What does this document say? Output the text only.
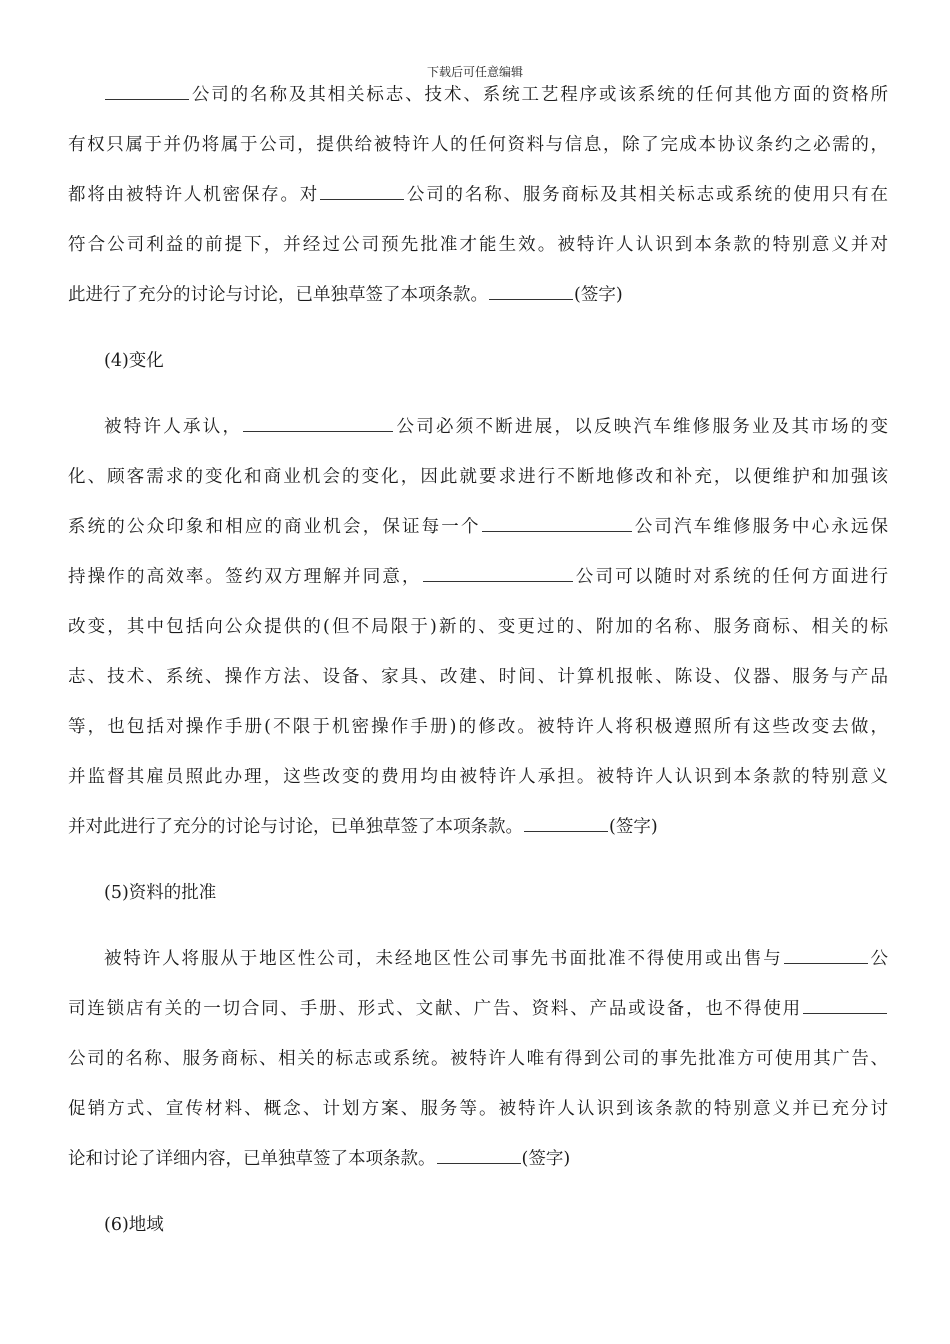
下载后可任意编辑
公司的名称及其相关标志、技术、系统工艺程序或该系统的任何其他方面的资格所
有权只属于并仍将属于公司，提供给被特许人的任何资料与信息，除了完成本协议条约之必需的，
都将由被特许人机密保存。对	公司的名称、服务商标及其相关标志或系统的使用只有在
符合公司利益的前提下，并经过公司预先批准才能生效。被特许人认识到本条款的特别意义并对
此进行了充分的讨论与讨论，已单独草签了本项条款。	(签字)
(4)变化
被特许人承认，	公司必须不断进展，以反映汽车维修服务业及其市场的变
化、顾客需求的变化和商业机会的变化，因此就要求进行不断地修改和补充，以便维护和加强该
系统的公众印象和相应的商业机会，保证每一个	公司汽车维修服务中心永远保
持操作的高效率。签约双方理解并同意，	公司可以随时对系统的任何方面进行
改变，其中包括向公众提供的(但不局限于)新的、变更过的、附加的名称、服务商标、相关的标
志、技术、系统、操作方法、设备、家具、改建、时间、计算机报帐、陈设、仪器、服务与产品
等，也包括对操作手册(不限于机密操作手册)的修改。被特许人将积极遵照所有这些改变去做，
并监督其雇员照此办理，这些改变的费用均由被特许人承担。被特许人认识到本条款的特别意义
并对此进行了充分的讨论与讨论，已单独草签了本项条款。	(签字)
(5)资料的批准
被特许人将服从于地区性公司，未经地区性公司事先书面批准不得使用或出售与	公
司连锁店有关的一切合同、手册、形式、文献、广告、资料、产品或设备，也不得使用
公司的名称、服务商标、相关的标志或系统。被特许人唯有得到公司的事先批准方可使用其广告、
促销方式、宣传材料、概念、计划方案、服务等。被特许人认识到该条款的特别意义并已充分讨
论和讨论了详细内容，已单独草签了本项条款。	(签字)
(6)地域
